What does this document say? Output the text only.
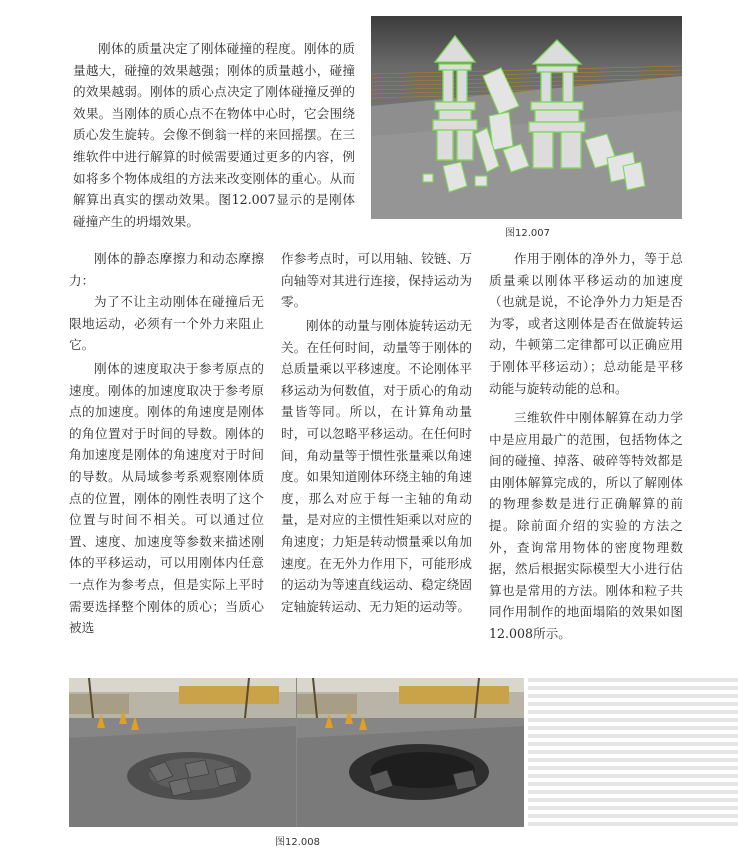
刚体的质量决定了刚体碰撞的程度。刚体的质量越大，碰撞的效果越强；刚体的质量越小，碰撞的效果越弱。刚体的质心点决定了刚体碰撞反弹的效果。当刚体的质心点不在物体中心时，它会围绕质心发生旋转。会像不倒翁一样的来回摇摆。在三维软件中进行解算的时候需要通过更多的内容，例如将多个物体成组的方法来改变刚体的重心。从而解算出真实的摆动效果。图12.007显示的是刚体碰撞产生的坍塌效果。

图12.007

刚体的静态摩擦力和动态摩擦力：

为了不让主动刚体在碰撞后无限地运动，必须有一个外力来阻止它。

刚体的速度取决于参考原点的速度。刚体的加速度取决于参考原点的加速度。刚体的角速度是刚体的角位置对于时间的导数。刚体的角加速度是刚体的角速度对于时间的导数。从局域参考系观察刚体质点的位置，刚体的刚性表明了这个位置与时间不相关。可以通过位置、速度、加速度等参数来描述刚体的平移运动，可以用刚体内任意一点作为参考点，但是实际上平时需要选择整个刚体的质心；当质心被选

作参考点时，可以用轴、铰链、万向轴等对其进行连接，保持运动为零。

刚体的动量与刚体旋转运动无关。在任何时间，动量等于刚体的总质量乘以平移速度。不论刚体平移运动为何数值，对于质心的角动量皆等同。所以，在计算角动量时，可以忽略平移运动。在任何时间，角动量等于惯性张量乘以角速度。如果知道刚体环绕主轴的角速度，那么对应于每一主轴的角动量，是对应的主惯性矩乘以对应的角速度；力矩是转动惯量乘以角加速度。在无外力作用下，可能形成的运动为等速直线运动、稳定绕固定轴旋转运动、无力矩的运动等。

作用于刚体的净外力，等于总质量乘以刚体平移运动的加速度（也就是说，不论净外力力矩是否为零，或者这刚体是否在做旋转运动，牛顿第二定律都可以正确应用于刚体平移运动）；总动能是平移动能与旋转动能的总和。

三维软件中刚体解算在动力学中是应用最广的范围，包括物体之间的碰撞、掉落、破碎等特效都是由刚体解算完成的，所以了解刚体的物理参数是进行正确解算的前提。除前面介绍的实验的方法之外，查询常用物体的密度物理数据，然后根据实际模型大小进行估算也是常用的方法。刚体和粒子共同作用制作的地面塌陷的效果如图12.008所示。

图12.008
